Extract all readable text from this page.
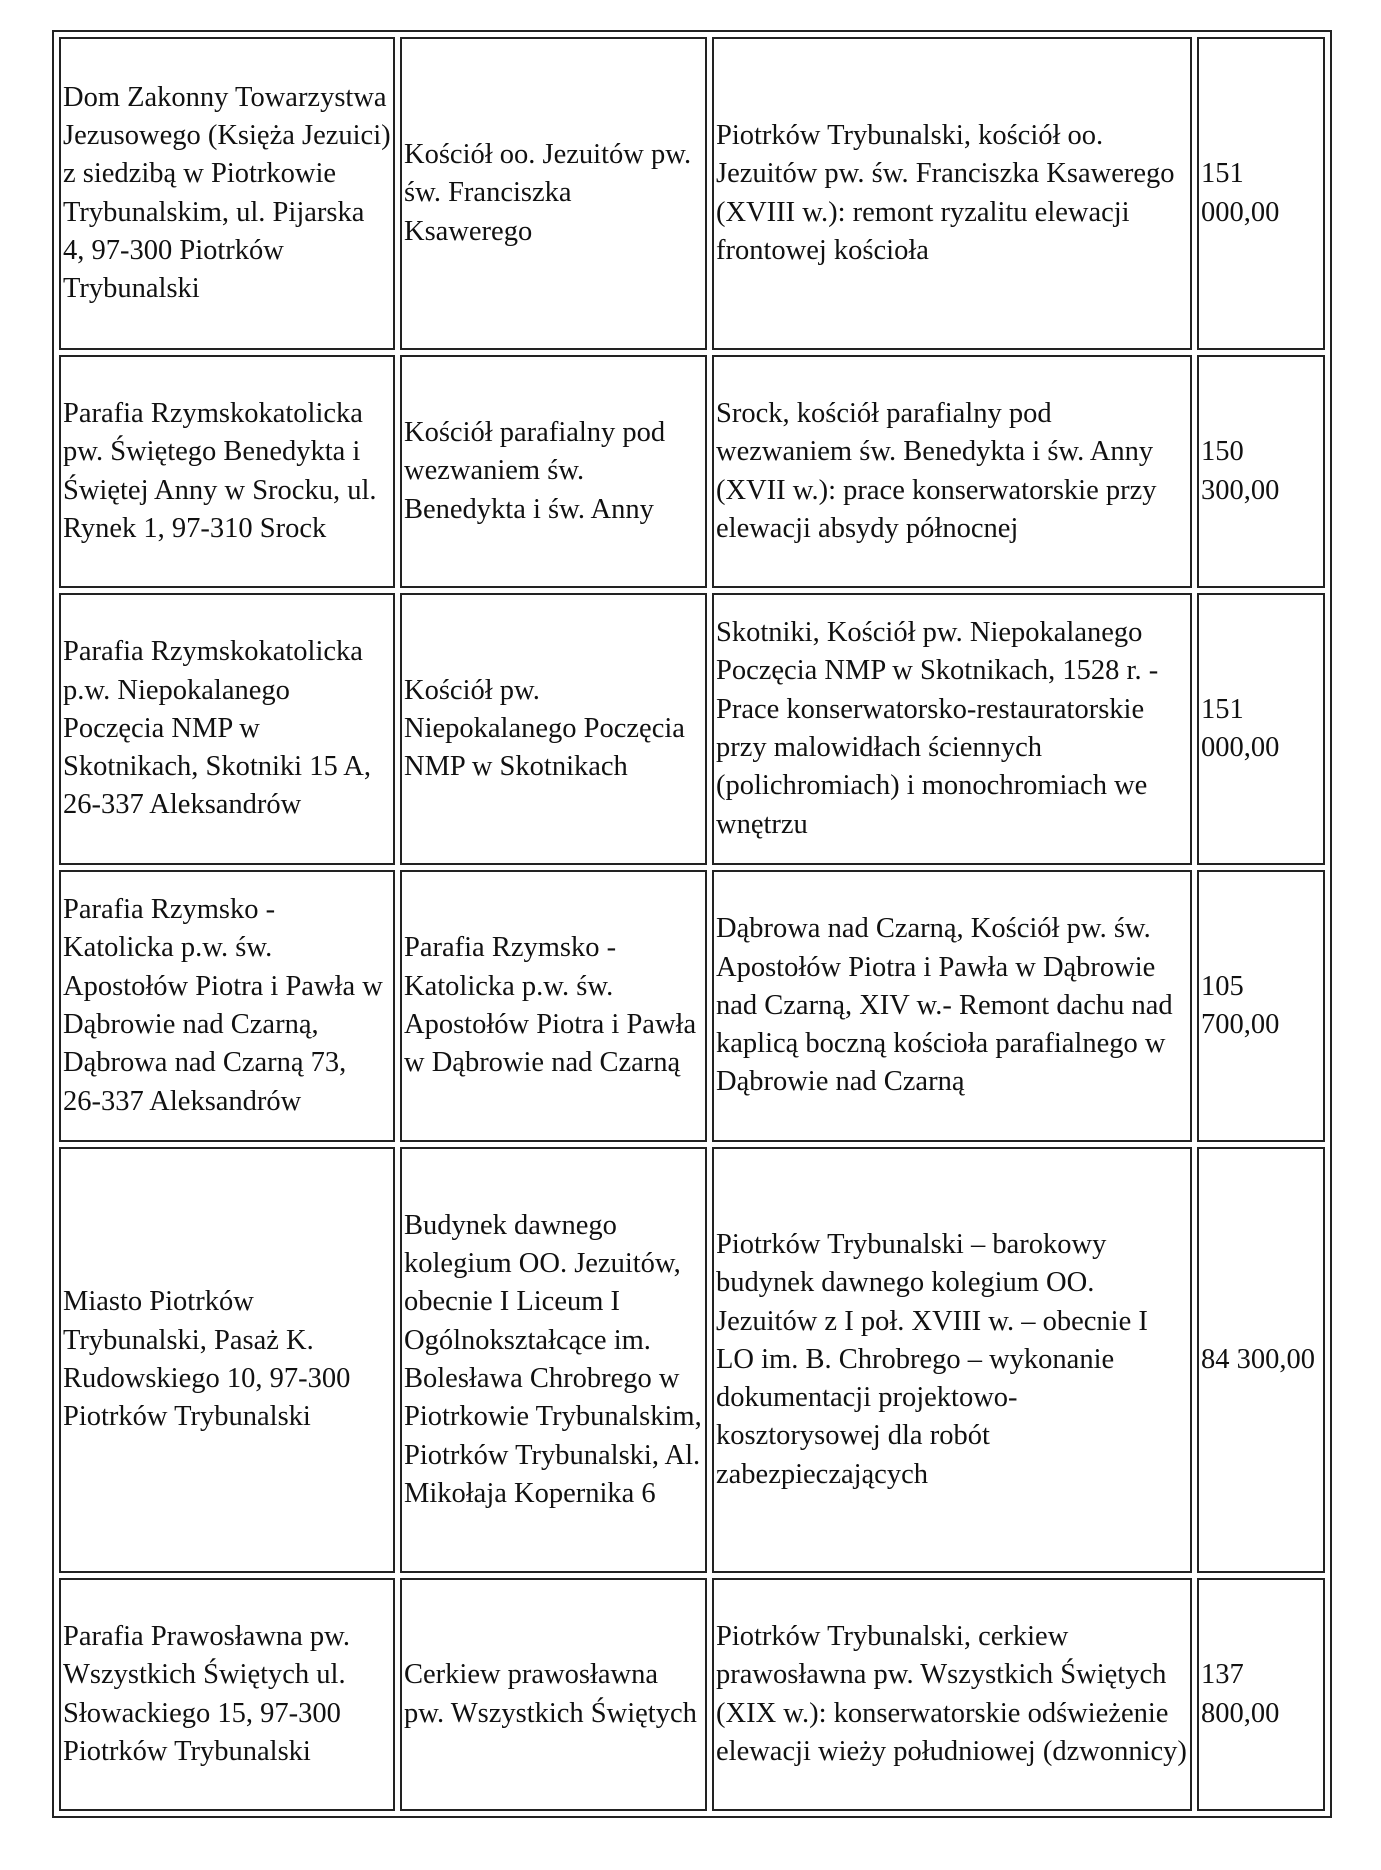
Dom Zakonny Towarzystwa Jezusowego (Księża Jezuici) z siedzibą w Piotrkowie Trybunalskim, ul. Pijarska 4, 97-300 Piotrków Trybunalski	Kościół oo. Jezuitów pw. św. Franciszka Ksawerego	Piotrków Trybunalski, kościół oo. Jezuitów pw. św. Franciszka Ksawerego (XVIII w.): remont ryzalitu elewacji frontowej kościoła	151 000,00
Parafia Rzymskokatolicka pw. Świętego Benedykta i Świętej Anny w Srocku, ul. Rynek 1, 97-310 Srock	Kościół parafialny pod wezwaniem św. Benedykta i św. Anny	Srock, kościół parafialny pod wezwaniem św. Benedykta i św. Anny (XVII w.): prace konserwatorskie przy elewacji absydy północnej	150 300,00
Parafia Rzymskokatolicka p.w. Niepokalanego Poczęcia NMP w Skotnikach, Skotniki 15 A, 26-337 Aleksandrów	Kościół pw. Niepokalanego Poczęcia NMP w Skotnikach	Skotniki, Kościół pw. Niepokalanego Poczęcia NMP w Skotnikach, 1528 r. - Prace konserwatorsko-restauratorskie przy malowidłach ściennych (polichromiach) i monochromiach we wnętrzu	151 000,00
Parafia Rzymsko - Katolicka p.w. św. Apostołów Piotra i Pawła w Dąbrowie nad Czarną, Dąbrowa nad Czarną 73, 26-337 Aleksandrów	Parafia Rzymsko - Katolicka p.w. św. Apostołów Piotra i Pawła w Dąbrowie nad Czarną	Dąbrowa nad Czarną, Kościół pw. św. Apostołów Piotra i Pawła w Dąbrowie nad Czarną, XIV w.- Remont dachu nad kaplicą boczną kościoła parafialnego w Dąbrowie nad Czarną	105 700,00
Miasto Piotrków Trybunalski, Pasaż K. Rudowskiego 10, 97-300 Piotrków Trybunalski	Budynek dawnego kolegium OO. Jezuitów, obecnie I Liceum I Ogólnokształcące im. Bolesława Chrobrego w Piotrkowie Trybunalskim, Piotrków Trybunalski, Al. Mikołaja Kopernika 6	Piotrków Trybunalski – barokowy budynek dawnego kolegium OO. Jezuitów z I poł. XVIII w. – obecnie I LO im. B. Chrobrego – wykonanie dokumentacji projektowo- kosztorysowej dla robót zabezpieczających	84 300,00
Parafia Prawosławna pw. Wszystkich Świętych ul. Słowackiego 15, 97-300 Piotrków Trybunalski	Cerkiew prawosławna pw. Wszystkich Świętych	Piotrków Trybunalski, cerkiew prawosławna pw. Wszystkich Świętych (XIX w.): konserwatorskie odświeżenie elewacji wieży południowej (dzwonnicy)	137 800,00
